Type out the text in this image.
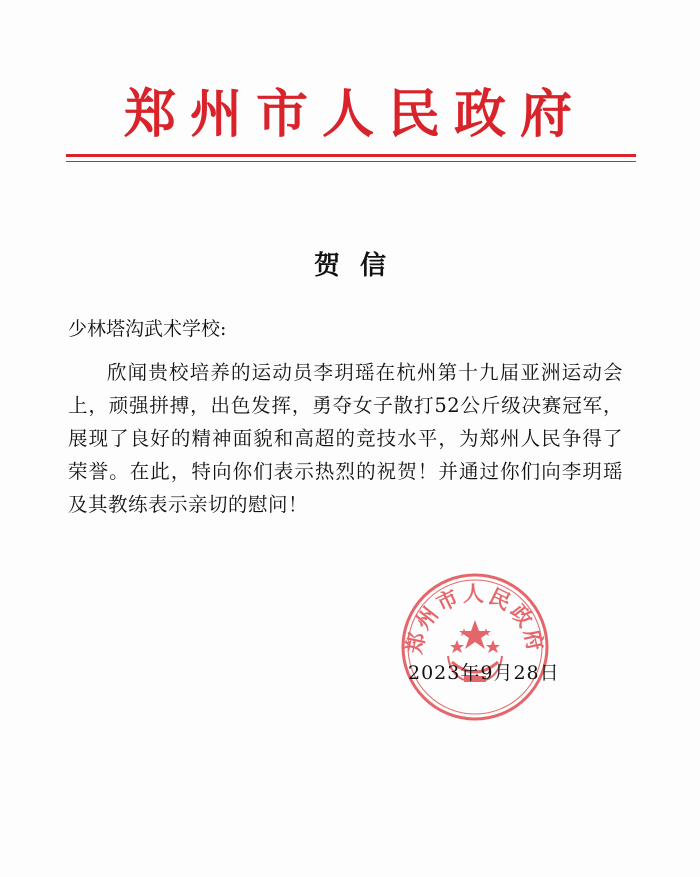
郑州市人民政府
贺信
少林塔沟武术学校:
欣闻贵校培养的运动员李玥瑶在杭州第十九届亚洲运动会上，顽强拼搏，出色发挥，勇夺女子散打52公斤级决赛冠军，展现了良好的精神面貌和高超的竞技水平，为郑州人民争得了荣誉。在此，特向你们表示热烈的祝贺！并通过你们向李玥瑶及其教练表示亲切的慰问！
郑州市人民政府
2023年9月28日
